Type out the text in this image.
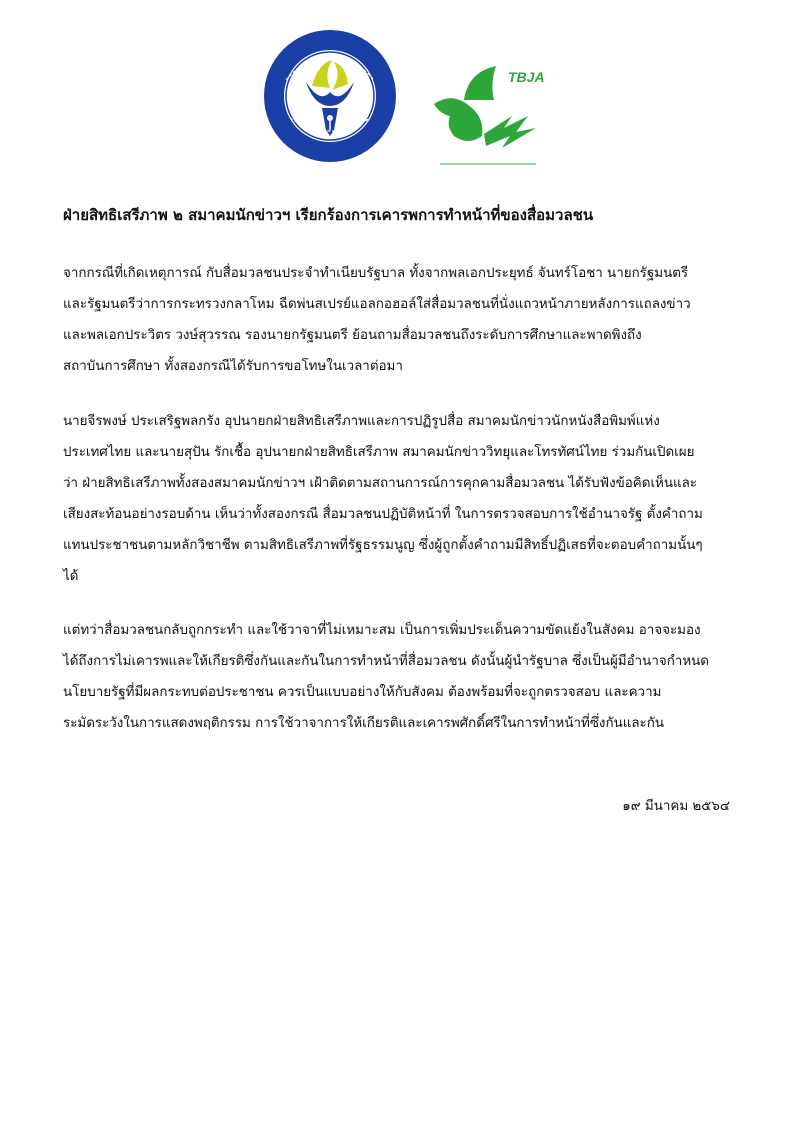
TBJA

ฝ่ายสิทธิเสรีภาพ ๒ สมาคมนักข่าวฯ เรียกร้องการเคารพการทำหน้าที่ของสื่อมวลชน

จากกรณีที่เกิดเหตุการณ์ กับสื่อมวลชนประจำทำเนียบรัฐบาล ทั้งจากพลเอกประยุทธ์ จันทร์โอชา นายกรัฐมนตรี
และรัฐมนตรีว่าการกระทรวงกลาโหม ฉีดพ่นสเปรย์แอลกอฮอล์ใส่สื่อมวลชนที่นั่งแถวหน้าภายหลังการแถลงข่าว
และพลเอกประวิตร วงษ์สุวรรณ รองนายกรัฐมนตรี ย้อนถามสื่อมวลชนถึงระดับการศึกษาและพาดพิงถึง
สถาบันการศึกษา ทั้งสองกรณีได้รับการขอโทษในเวลาต่อมา
นายจีรพงษ์ ประเสริฐพลกรัง อุปนายกฝ่ายสิทธิเสรีภาพและการปฏิรูปสื่อ สมาคมนักข่าวนักหนังสือพิมพ์แห่ง
ประเทศไทย และนายสุปัน รักเชื้อ อุปนายกฝ่ายสิทธิเสรีภาพ สมาคมนักข่าววิทยุและโทรทัศน์ไทย ร่วมกันเปิดเผย
ว่า ฝ่ายสิทธิเสรีภาพทั้งสองสมาคมนักข่าวฯ เฝ้าติดตามสถานการณ์การคุกคามสื่อมวลชน ได้รับฟังข้อคิดเห็นและ
เสียงสะท้อนอย่างรอบด้าน เห็นว่าทั้งสองกรณี สื่อมวลชนปฏิบัติหน้าที่ ในการตรวจสอบการใช้อำนาจรัฐ ตั้งคำถาม
แทนประชาชนตามหลักวิชาชีพ ตามสิทธิเสรีภาพที่รัฐธรรมนูญ ซึ่งผู้ถูกตั้งคำถามมีสิทธิ์ปฏิเสธที่จะตอบคำถามนั้นๆ
ได้
แต่ทว่าสื่อมวลชนกลับถูกกระทำ และใช้วาจาที่ไม่เหมาะสม เป็นการเพิ่มประเด็นความขัดแย้งในสังคม อาจจะมอง
ได้ถึงการไม่เคารพและให้เกียรติซึ่งกันและกันในการทำหน้าที่สื่อมวลชน ดังนั้นผู้นำรัฐบาล ซึ่งเป็นผู้มีอำนาจกำหนด
นโยบายรัฐที่มีผลกระทบต่อประชาชน ควรเป็นแบบอย่างให้กับสังคม ต้องพร้อมที่จะถูกตรวจสอบ และความ
ระมัดระวังในการแสดงพฤติกรรม การใช้วาจาการให้เกียรติและเคารพศักดิ์ศรีในการทำหน้าที่ซึ่งกันและกัน

๑๙ มีนาคม ๒๕๖๔
